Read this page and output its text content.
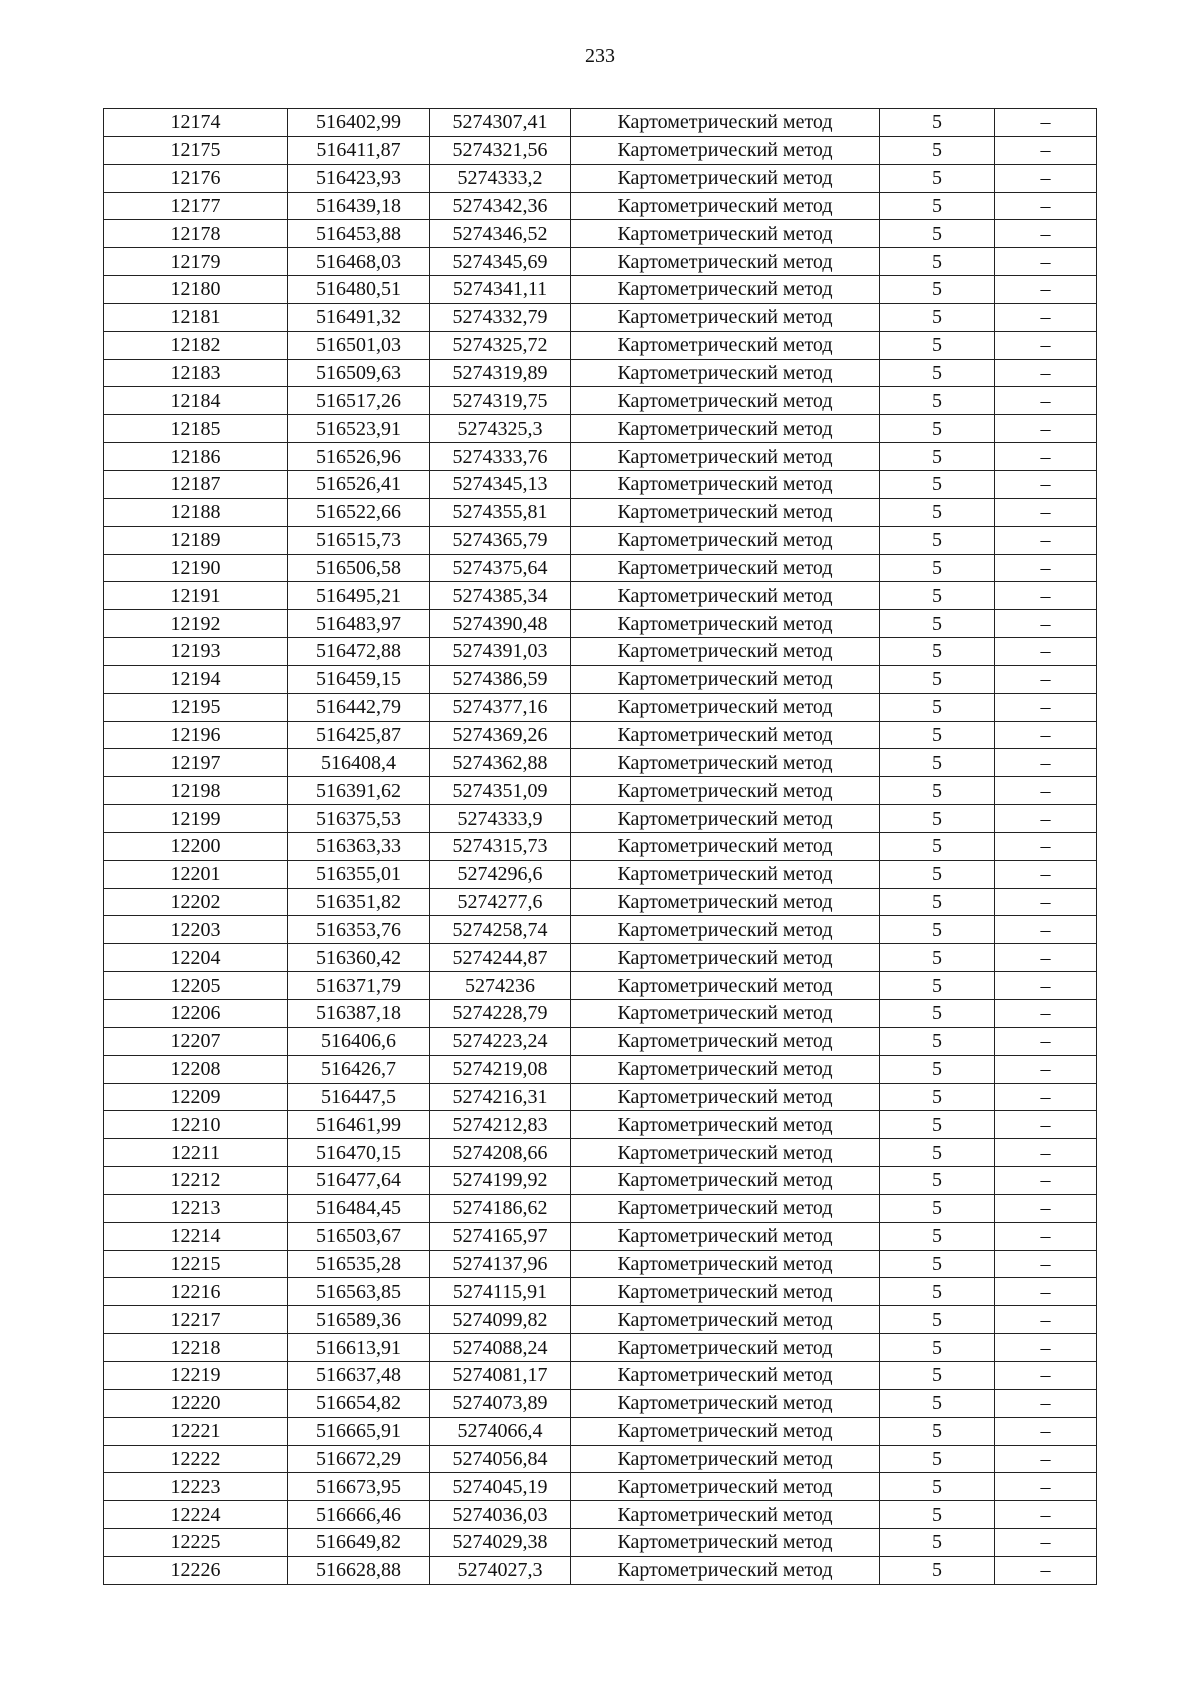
233
12174	516402,99	5274307,41	Картометрический метод	5	–
12175	516411,87	5274321,56	Картометрический метод	5	–
12176	516423,93	5274333,2	Картометрический метод	5	–
12177	516439,18	5274342,36	Картометрический метод	5	–
12178	516453,88	5274346,52	Картометрический метод	5	–
12179	516468,03	5274345,69	Картометрический метод	5	–
12180	516480,51	5274341,11	Картометрический метод	5	–
12181	516491,32	5274332,79	Картометрический метод	5	–
12182	516501,03	5274325,72	Картометрический метод	5	–
12183	516509,63	5274319,89	Картометрический метод	5	–
12184	516517,26	5274319,75	Картометрический метод	5	–
12185	516523,91	5274325,3	Картометрический метод	5	–
12186	516526,96	5274333,76	Картометрический метод	5	–
12187	516526,41	5274345,13	Картометрический метод	5	–
12188	516522,66	5274355,81	Картометрический метод	5	–
12189	516515,73	5274365,79	Картометрический метод	5	–
12190	516506,58	5274375,64	Картометрический метод	5	–
12191	516495,21	5274385,34	Картометрический метод	5	–
12192	516483,97	5274390,48	Картометрический метод	5	–
12193	516472,88	5274391,03	Картометрический метод	5	–
12194	516459,15	5274386,59	Картометрический метод	5	–
12195	516442,79	5274377,16	Картометрический метод	5	–
12196	516425,87	5274369,26	Картометрический метод	5	–
12197	516408,4	5274362,88	Картометрический метод	5	–
12198	516391,62	5274351,09	Картометрический метод	5	–
12199	516375,53	5274333,9	Картометрический метод	5	–
12200	516363,33	5274315,73	Картометрический метод	5	–
12201	516355,01	5274296,6	Картометрический метод	5	–
12202	516351,82	5274277,6	Картометрический метод	5	–
12203	516353,76	5274258,74	Картометрический метод	5	–
12204	516360,42	5274244,87	Картометрический метод	5	–
12205	516371,79	5274236	Картометрический метод	5	–
12206	516387,18	5274228,79	Картометрический метод	5	–
12207	516406,6	5274223,24	Картометрический метод	5	–
12208	516426,7	5274219,08	Картометрический метод	5	–
12209	516447,5	5274216,31	Картометрический метод	5	–
12210	516461,99	5274212,83	Картометрический метод	5	–
12211	516470,15	5274208,66	Картометрический метод	5	–
12212	516477,64	5274199,92	Картометрический метод	5	–
12213	516484,45	5274186,62	Картометрический метод	5	–
12214	516503,67	5274165,97	Картометрический метод	5	–
12215	516535,28	5274137,96	Картометрический метод	5	–
12216	516563,85	5274115,91	Картометрический метод	5	–
12217	516589,36	5274099,82	Картометрический метод	5	–
12218	516613,91	5274088,24	Картометрический метод	5	–
12219	516637,48	5274081,17	Картометрический метод	5	–
12220	516654,82	5274073,89	Картометрический метод	5	–
12221	516665,91	5274066,4	Картометрический метод	5	–
12222	516672,29	5274056,84	Картометрический метод	5	–
12223	516673,95	5274045,19	Картометрический метод	5	–
12224	516666,46	5274036,03	Картометрический метод	5	–
12225	516649,82	5274029,38	Картометрический метод	5	–
12226	516628,88	5274027,3	Картометрический метод	5	–
